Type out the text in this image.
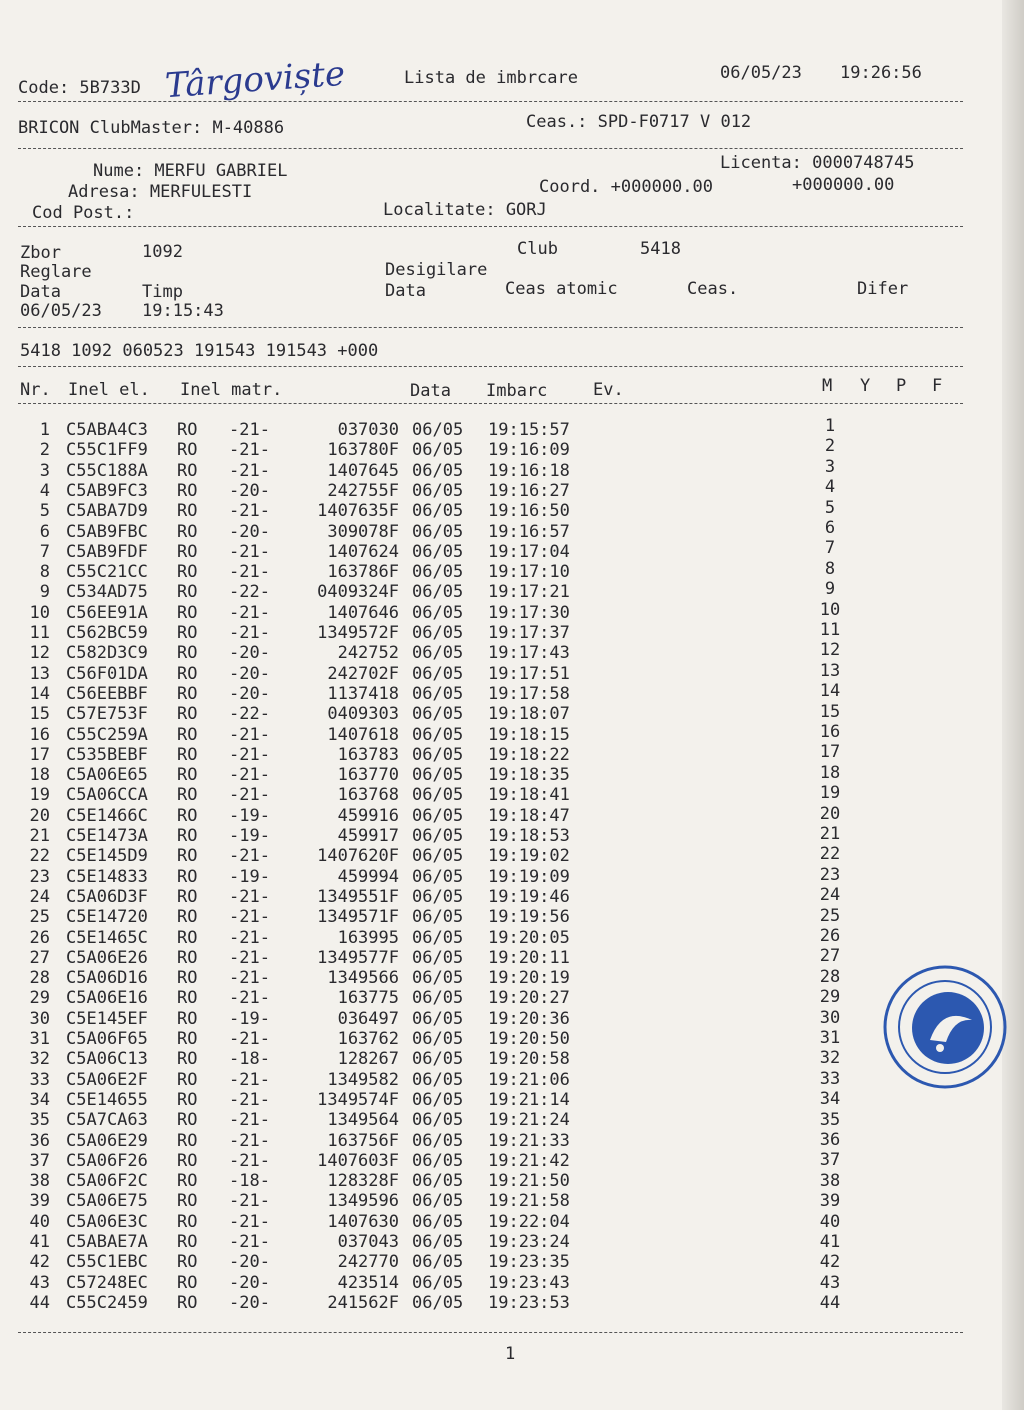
Code: 5B733D Târgoviște	Lista de imbrcare	06/05/23 19:26:56
BRICON ClubMaster: M-40886	Ceas.: SPD-F0717 V 012
Nume: MERFU GABRIEL	Licenta: 0000748745
Adresa: MERFULESTI	Coord. +000000.00	+000000.00
Cod Post.:	Localitate: GORJ
Zbor	1092	Club	5418
Reglare	Desigilare
Data	Timp	Data	Ceas atomic	Ceas.	Difer
06/05/23 19:15:43
5418 1092 060523 191543 191543 +000
Nr. Inel el. Inel matr.	Data Imbarc	Ev.	M Y P F
1 C5ABA4C3 RO -21-	037030 06/05 19:15:57	1
2 C55C1FF9 RO -21-	163780F 06/05 19:16:09	2
3 C55C188A RO -21-	1407645 06/05 19:16:18	3
4 C5AB9FC3 RO -20-	242755F 06/05 19:16:27	4
5 C5ABA7D9 RO -21-	1407635F 06/05 19:16:50	5
6 C5AB9FBC RO -20-	309078F 06/05 19:16:57	6
7 C5AB9FDF RO -21-	1407624 06/05 19:17:04	7
8 C55C21CC RO -21-	163786F 06/05 19:17:10	8
9 C534AD75 RO -22-	0409324F 06/05 19:17:21	9
10 C56EE91A RO -21-	1407646 06/05 19:17:30	10
11 C562BC59 RO -21-	1349572F 06/05 19:17:37	11
12 C582D3C9 RO -20-	242752 06/05 19:17:43	12
13 C56F01DA RO -20-	242702F 06/05 19:17:51	13
14 C56EEBBF RO -20-	1137418 06/05 19:17:58	14
15 C57E753F RO -22-	0409303 06/05 19:18:07	15
16 C55C259A RO -21-	1407618 06/05 19:18:15	16
17 C535BEBF RO -21-	163783 06/05 19:18:22	17
18 C5A06E65 RO -21-	163770 06/05 19:18:35	18
19 C5A06CCA RO -21-	163768 06/05 19:18:41	19
20 C5E1466C RO -19-	459916 06/05 19:18:47	20
21 C5E1473A RO -19-	459917 06/05 19:18:53	21
22 C5E145D9 RO -21-	1407620F 06/05 19:19:02	22
23 C5E14833 RO -19-	459994 06/05 19:19:09	23
24 C5A06D3F RO -21-	1349551F 06/05 19:19:46	24
25 C5E14720 RO -21-	1349571F 06/05 19:19:56	25
26 C5E1465C RO -21-	163995 06/05 19:20:05	26
27 C5A06E26 RO -21-	1349577F 06/05 19:20:11	27
28 C5A06D16 RO -21-	1349566 06/05 19:20:19	28
29 C5A06E16 RO -21-	163775 06/05 19:20:27	29
30 C5E145EF RO -19-	036497 06/05 19:20:36	30
31 C5A06F65 RO -21-	163762 06/05 19:20:50	31
32 C5A06C13 RO -18-	128267 06/05 19:20:58	32
33 C5A06E2F RO -21-	1349582 06/05 19:21:06	33
34 C5E14655 RO -21-	1349574F 06/05 19:21:14	34
35 C5A7CA63 RO -21-	1349564 06/05 19:21:24	35
36 C5A06E29 RO -21-	163756F 06/05 19:21:33	36
37 C5A06F26 RO -21-	1407603F 06/05 19:21:42	37
38 C5A06F2C RO -18-	128328F 06/05 19:21:50	38
39 C5A06E75 RO -21-	1349596 06/05 19:21:58	39
40 C5A06E3C RO -21-	1407630 06/05 19:22:04	40
41 C5ABAE7A RO -21-	037043 06/05 19:23:24	41
42 C55C1EBC RO -20-	242770 06/05 19:23:35	42
43 C57248EC RO -20-	423514 06/05 19:23:43	43
44 C55C2459 RO -20-	241562F 06/05 19:23:53	44
1
